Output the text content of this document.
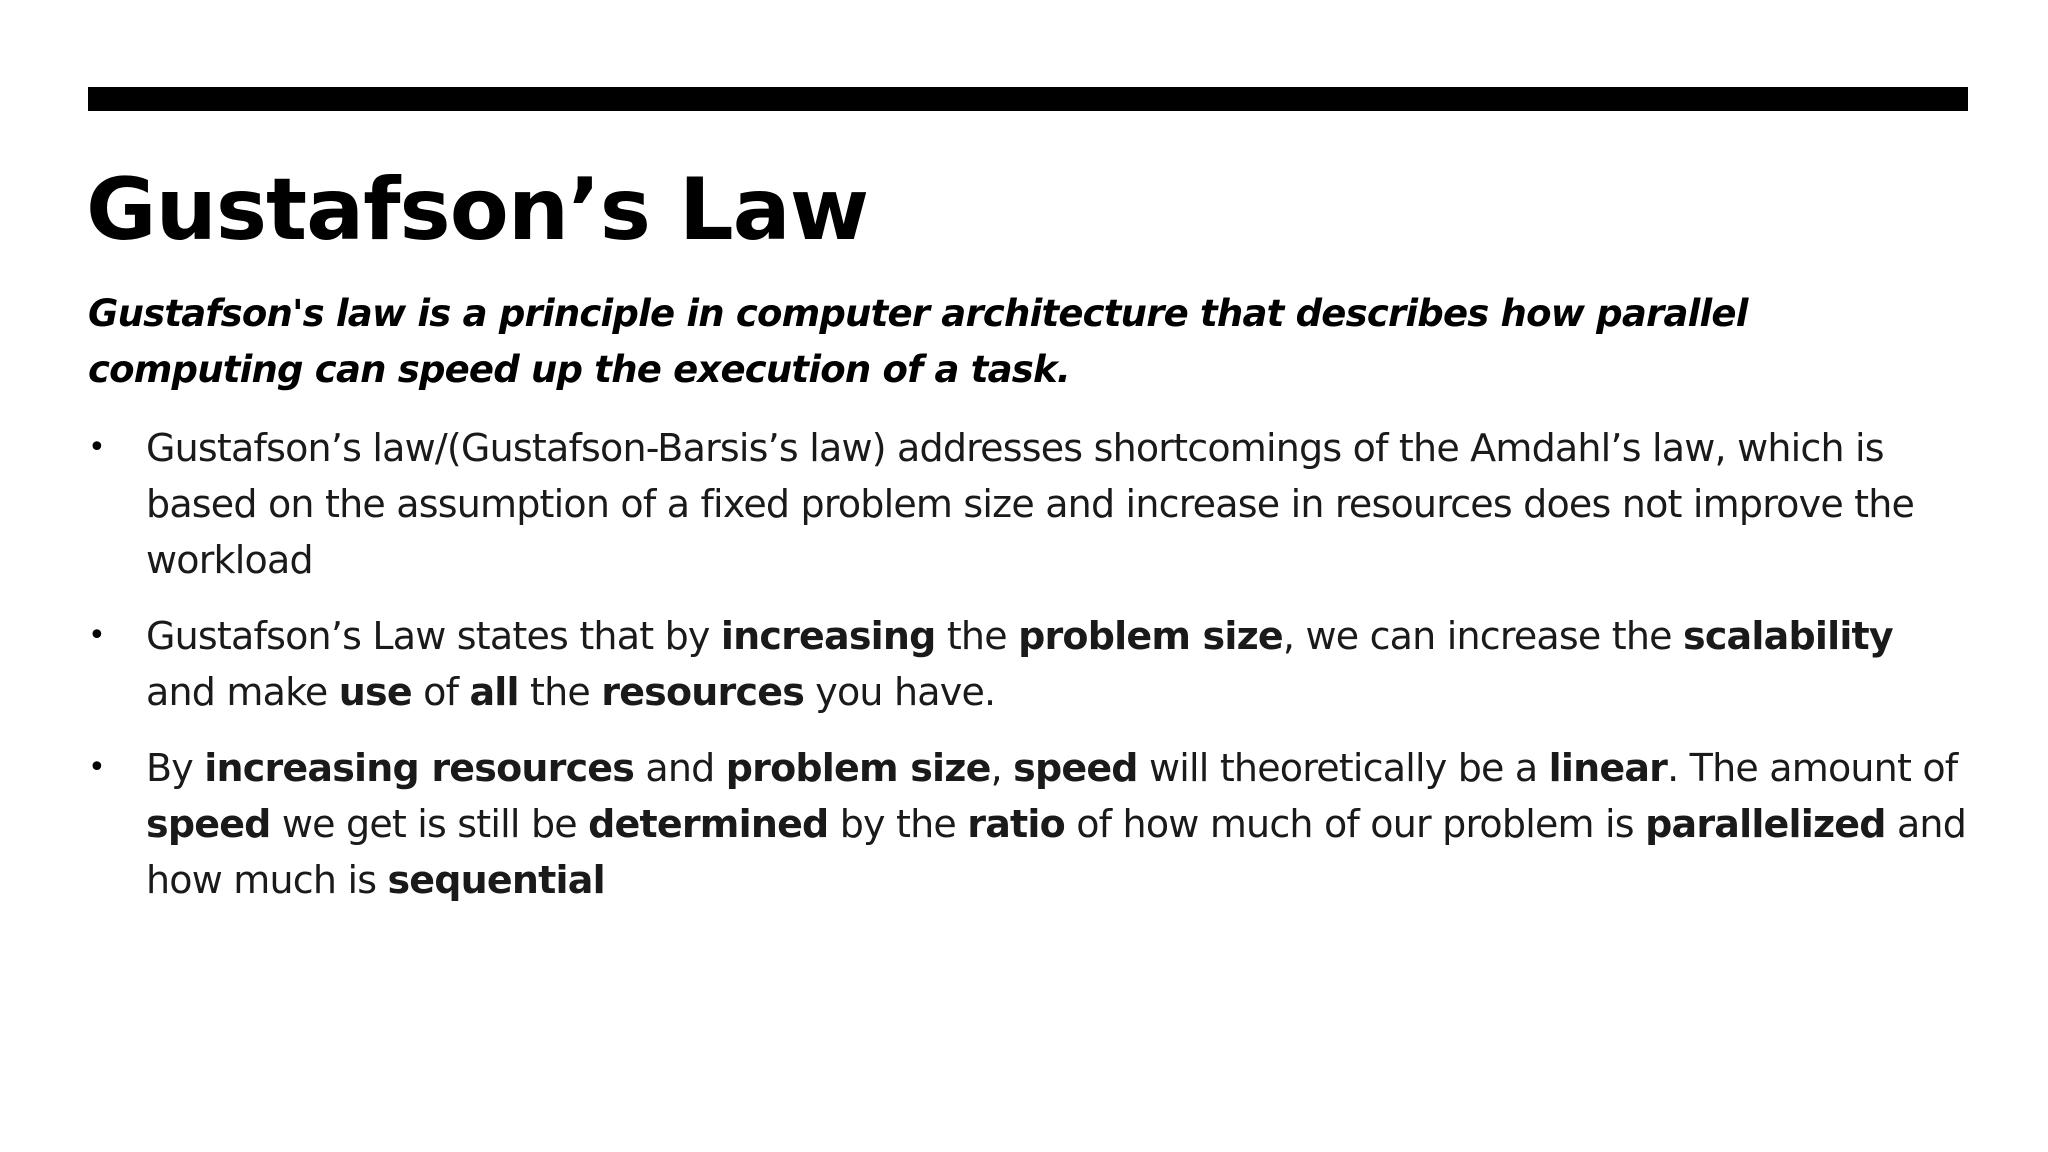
Gustafson’s Law

Gustafson's law is a principle in computer architecture that describes how parallel computing can speed up the execution of a task.

• Gustafson’s law/(Gustafson-Barsis’s law) addresses shortcomings of the Amdahl’s law, which is based on the assumption of a fixed problem size and increase in resources does not improve the workload
• Gustafson’s Law states that by increasing the problem size, we can increase the scalability and make use of all the resources you have.
• By increasing resources and problem size, speed will theoretically be a linear. The amount of speed we get is still be determined by the ratio of how much of our problem is parallelized and how much is sequential
